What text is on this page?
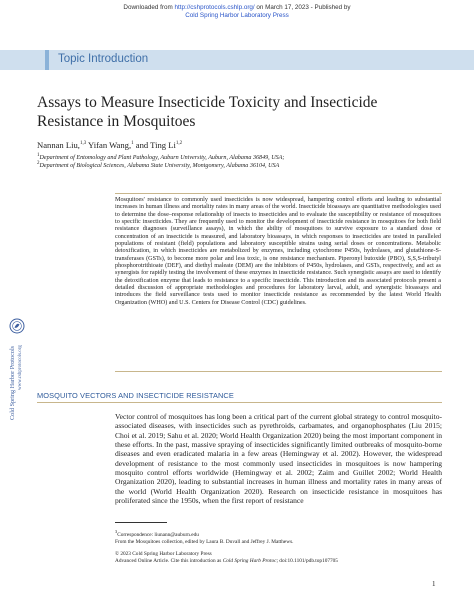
Downloaded from http://cshprotocols.cshlp.org/ on March 17, 2023 - Published by
Cold Spring Harbor Laboratory Press
Topic Introduction
Assays to Measure Insecticide Toxicity and Insecticide Resistance in Mosquitoes
Nannan Liu,$^{1,3}$ Yifan Wang,$^1$ and Ting Li$^{1,2}$
$^1$Department of Entomology and Plant Pathology, Auburn University, Auburn, Alabama 36849, USA;
$^2$Department of Biological Sciences, Alabama State University, Montgomery, Alabama 36104, USA
Mosquitoes' resistance to commonly used insecticides is now widespread, hampering control efforts and leading to substantial increases in human illness and mortality rates in many areas of the world. Insecticide bioassays are quantitative methodologies used to determine the dose–response relationship of insects to insecticides and to evaluate the susceptibility or resistance of mosquitoes to specific insecticides. They are frequently used to monitor the development of insecticide resistance in mosquitoes for both field resistance diagnoses (surveillance assays), in which the ability of mosquitoes to survive exposure to a standard dose or concentration of an insecticide is measured, and laboratory bioassays, in which responses to insecticides are tested in paralleled populations of resistant (field) populations and laboratory susceptible strains using serial doses or concentrations. Metabolic detoxification, in which insecticides are metabolized by enzymes, including cytochrome P450s, hydrolases, and glutathione-S-transferases (GSTs), to become more polar and less toxic, is one resistance mechanism. Piperonyl butoxide (PBO), S,S,S-tributyl phosphorotrithioate (DEF), and diethyl maleate (DEM) are the inhibitors of P450s, hydrolases, and GSTs, respectively, and act as synergists for rapidly testing the involvement of these enzymes in insecticide resistance. Such synergistic assays are used to identify the detoxification enzyme that leads to resistance to a specific insecticide. This introduction and its associated protocols present a detailed discussion of appropriate methodologies and procedures for laboratory larval, adult, and synergistic bioassays and introduces the field surveillance tests used to monitor insecticide resistance as recommended by the latest World Health Organization (WHO) and U.S. Centers for Disease Control (CDC) guidelines.
Cold Spring Harbor Protocols www.cshprotocols.org
MOSQUITO VECTORS AND INSECTICIDE RESISTANCE
Vector control of mosquitoes has long been a critical part of the current global strategy to control mosquito-associated diseases, with insecticides such as pyrethroids, carbamates, and organophosphates (Liu 2015; Choi et al. 2019; Sahu et al. 2020; World Health Organization 2020) being the most important component in these efforts. In the past, massive spraying of insecticides significantly limited outbreaks of mosquito-borne diseases and even eradicated malaria in a few areas (Hemingway et al. 2002). However, the widespread development of resistance to the most commonly used insecticides in mosquitoes is now hampering mosquito control efforts worldwide (Hemingway et al. 2002; Zaim and Guillet 2002; World Health Organization 2020), leading to substantial increases in human illness and mortality rates in many areas of the world (World Health Organization 2020). Research on insecticide resistance in mosquitoes has proliferated since the 1950s, when the first report of resistance
$^3$Correspondence: liunann@auburn.edu
From the Mosquitoes collection, edited by Laura B. Duvall and Jeffrey J. Matthews.
© 2023 Cold Spring Harbor Laboratory Press
Advanced Online Article. Cite this introduction as Cold Spring Harb Protoc; doi:10.1101/pdb.top107705
1
